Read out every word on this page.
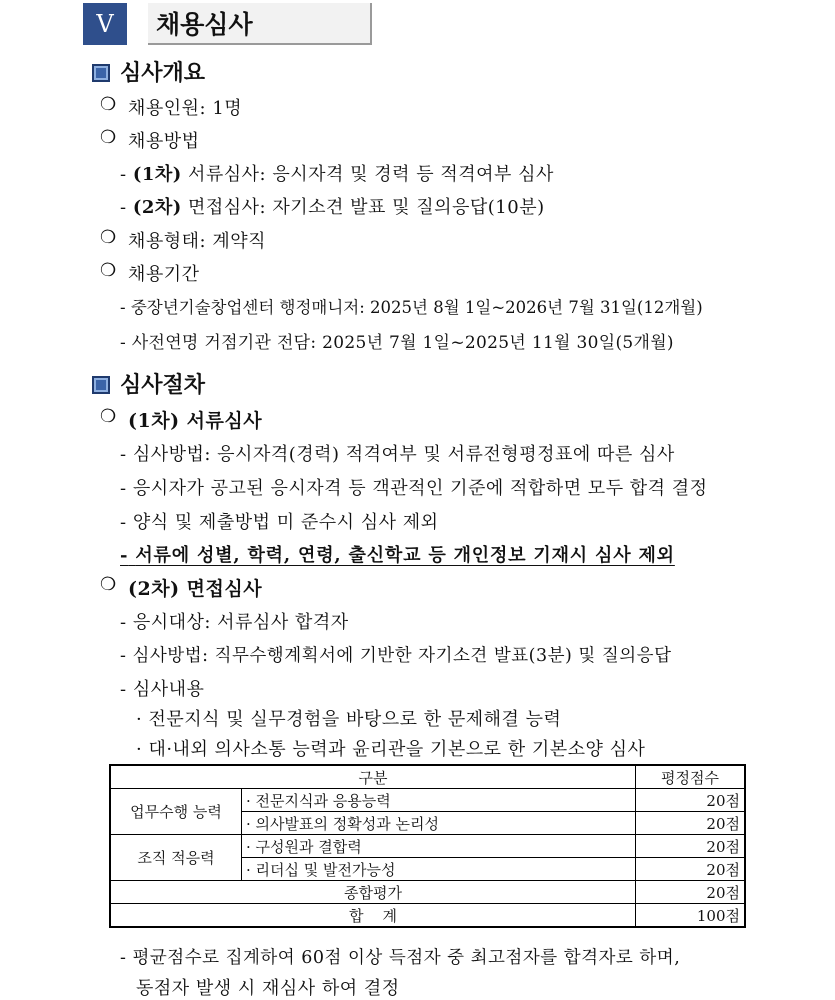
V	채용심사
심사개요
❍ 채용인원: 1명
❍ 채용방법
- (1차) 서류심사: 응시자격 및 경력 등 적격여부 심사
- (2차) 면접심사: 자기소견 발표 및 질의응답(10분)
❍ 채용형태: 계약직
❍ 채용기간
- 중장년기술창업센터 행정매니저: 2025년 8월 1일~2026년 7월 31일(12개월)
- 사전연명 거점기관 전담: 2025년 7월 1일~2025년 11월 30일(5개월)
심사절차
❍ (1차) 서류심사
- 심사방법: 응시자격(경력) 적격여부 및 서류전형평정표에 따른 심사
- 응시자가 공고된 응시자격 등 객관적인 기준에 적합하면 모두 합격 결정
- 양식 및 제출방법 미 준수시 심사 제외
- 서류에 성별, 학력, 연령, 출신학교 등 개인정보 기재시 심사 제외
❍ (2차) 면접심사
- 응시대상: 서류심사 합격자
- 심사방법: 직무수행계획서에 기반한 자기소견 발표(3분) 및 질의응답
- 심사내용
· 전문지식 및 실무경험을 바탕으로 한 문제해결 능력
· 대·내외 의사소통 능력과 윤리관을 기본으로 한 기본소양 심사
구분		평정점수
업무수행 능력	· 전문지식과 응용능력	20점
	· 의사발표의 정확성과 논리성	20점
조직 적응력	· 구성원과 결합력	20점
	· 리더십 및 발전가능성	20점
종합평가		20점
합    계		100점
- 평균점수로 집계하여 60점 이상 득점자 중 최고점자를 합격자로 하며,
동점자 발생 시 재심사 하여 결정
